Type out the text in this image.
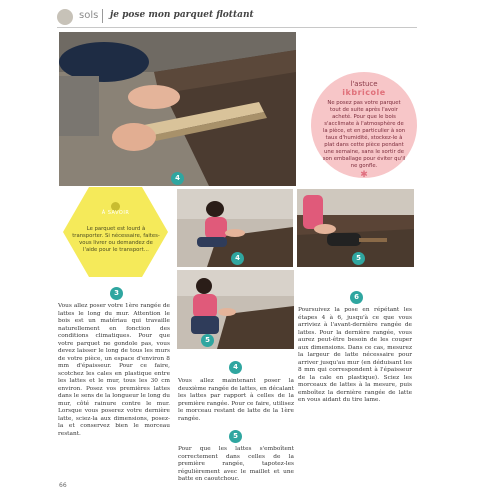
sols je pose mon parquet flottant
4
l'astuce
ikbricole
Ne posez pas votre parquet tout de suite après l'avoir acheté. Pour que le bois s'acclimate à l'atmosphère de la pièce, et en particulier à son taux d'humidité, stockez-le à plat dans cette pièce pendant une semaine, sans le sortir de son emballage pour éviter qu'il ne gonfle.
✱
À SAVOIR
Le parquet est lourd à transporter. Si nécessaire, faites-vous livrer ou demandez de l'aide pour le transport…
4	5
5
3
Vous allez poser votre 1ère rangée de lattes le long du mur. Attention le bois est un matériau qui travaille naturellement en fonction des conditions climatiques. Pour que votre parquet ne gondole pas, vous devez laisser le long de tous les murs de votre pièce, un espace d'environ 8 mm d'épaisseur. Pour ce faire, scotchez les cales en plastique entre les lattes et le mur, tous les 30 cm environ. Posez vos premières lattes dans le sens de la longueur le long du mur, côté rainure contre le mur. Lorsque vous poserez votre dernière latte, sciez-la aux dimensions, posez-la et conservez bien le morceau restant.
4
Vous allez maintenant poser la deuxième rangée de lattes, en décalant les lattes par rapport à celles de la première rangée. Pour ce faire, utilisez le morceau restant de latte de la 1ère rangée.
5
Pour que les lattes s'emboîtent correctement dans celles de la première rangée, tapotez-les régulièrement avec le maillet et une batte en caoutchouc.
6
Poursuivez la pose en répétant les étapes 4 à 6, jusqu'à ce que vous arriviez à l'avant-dernière rangée de lattes. Pour la dernière rangée, vous aurez peut-être besoin de les couper aux dimensions. Dans ce cas, mesurez la largeur de latte nécessaire pour arriver jusqu'au mur (en déduisant les 8 mm qui correspondent à l'épaisseur de la cale en plastique). Sciez les morceaux de lattes à la mesure, puis emboîtez la dernière rangée de latte en vous aidant du tire lame.
66
